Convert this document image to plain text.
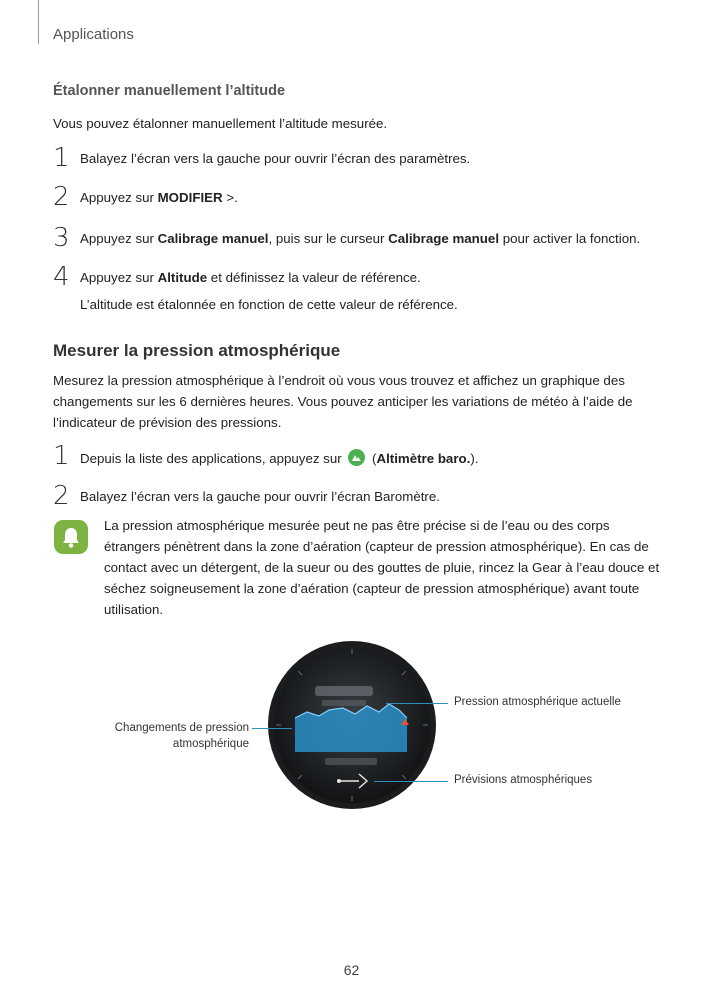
Applications
Étalonner manuellement l’altitude
Vous pouvez étalonner manuellement l’altitude mesurée.
1 Balayez l’écran vers la gauche pour ouvrir l’écran des paramètres.
2 Appuyez sur MODIFIER >.
3 Appuyez sur Calibrage manuel, puis sur le curseur Calibrage manuel pour activer la fonction.
4 Appuyez sur Altitude et définissez la valeur de référence.
L’altitude est étalonnée en fonction de cette valeur de référence.
Mesurer la pression atmosphérique
Mesurez la pression atmosphérique à l’endroit où vous vous trouvez et affichez un graphique des changements sur les 6 dernières heures. Vous pouvez anticiper les variations de météo à l’aide de l’indicateur de prévision des pressions.
1 Depuis la liste des applications, appuyez sur
(Altimètre baro.).
2 Balayez l’écran vers la gauche pour ouvrir l’écran Baromètre.
La pression atmosphérique mesurée peut ne pas être précise si de l’eau ou des corps étrangers pénètrent dans la zone d’aération (capteur de pression atmosphérique). En cas de contact avec un détergent, de la sueur ou des gouttes de pluie, rincez la Gear à l’eau douce et séchez soigneusement la zone d’aération (capteur de pression atmosphérique) avant toute utilisation.
Pression atmosphérique actuelle
Changements de pression
atmosphérique
Prévisions atmosphériques
62
